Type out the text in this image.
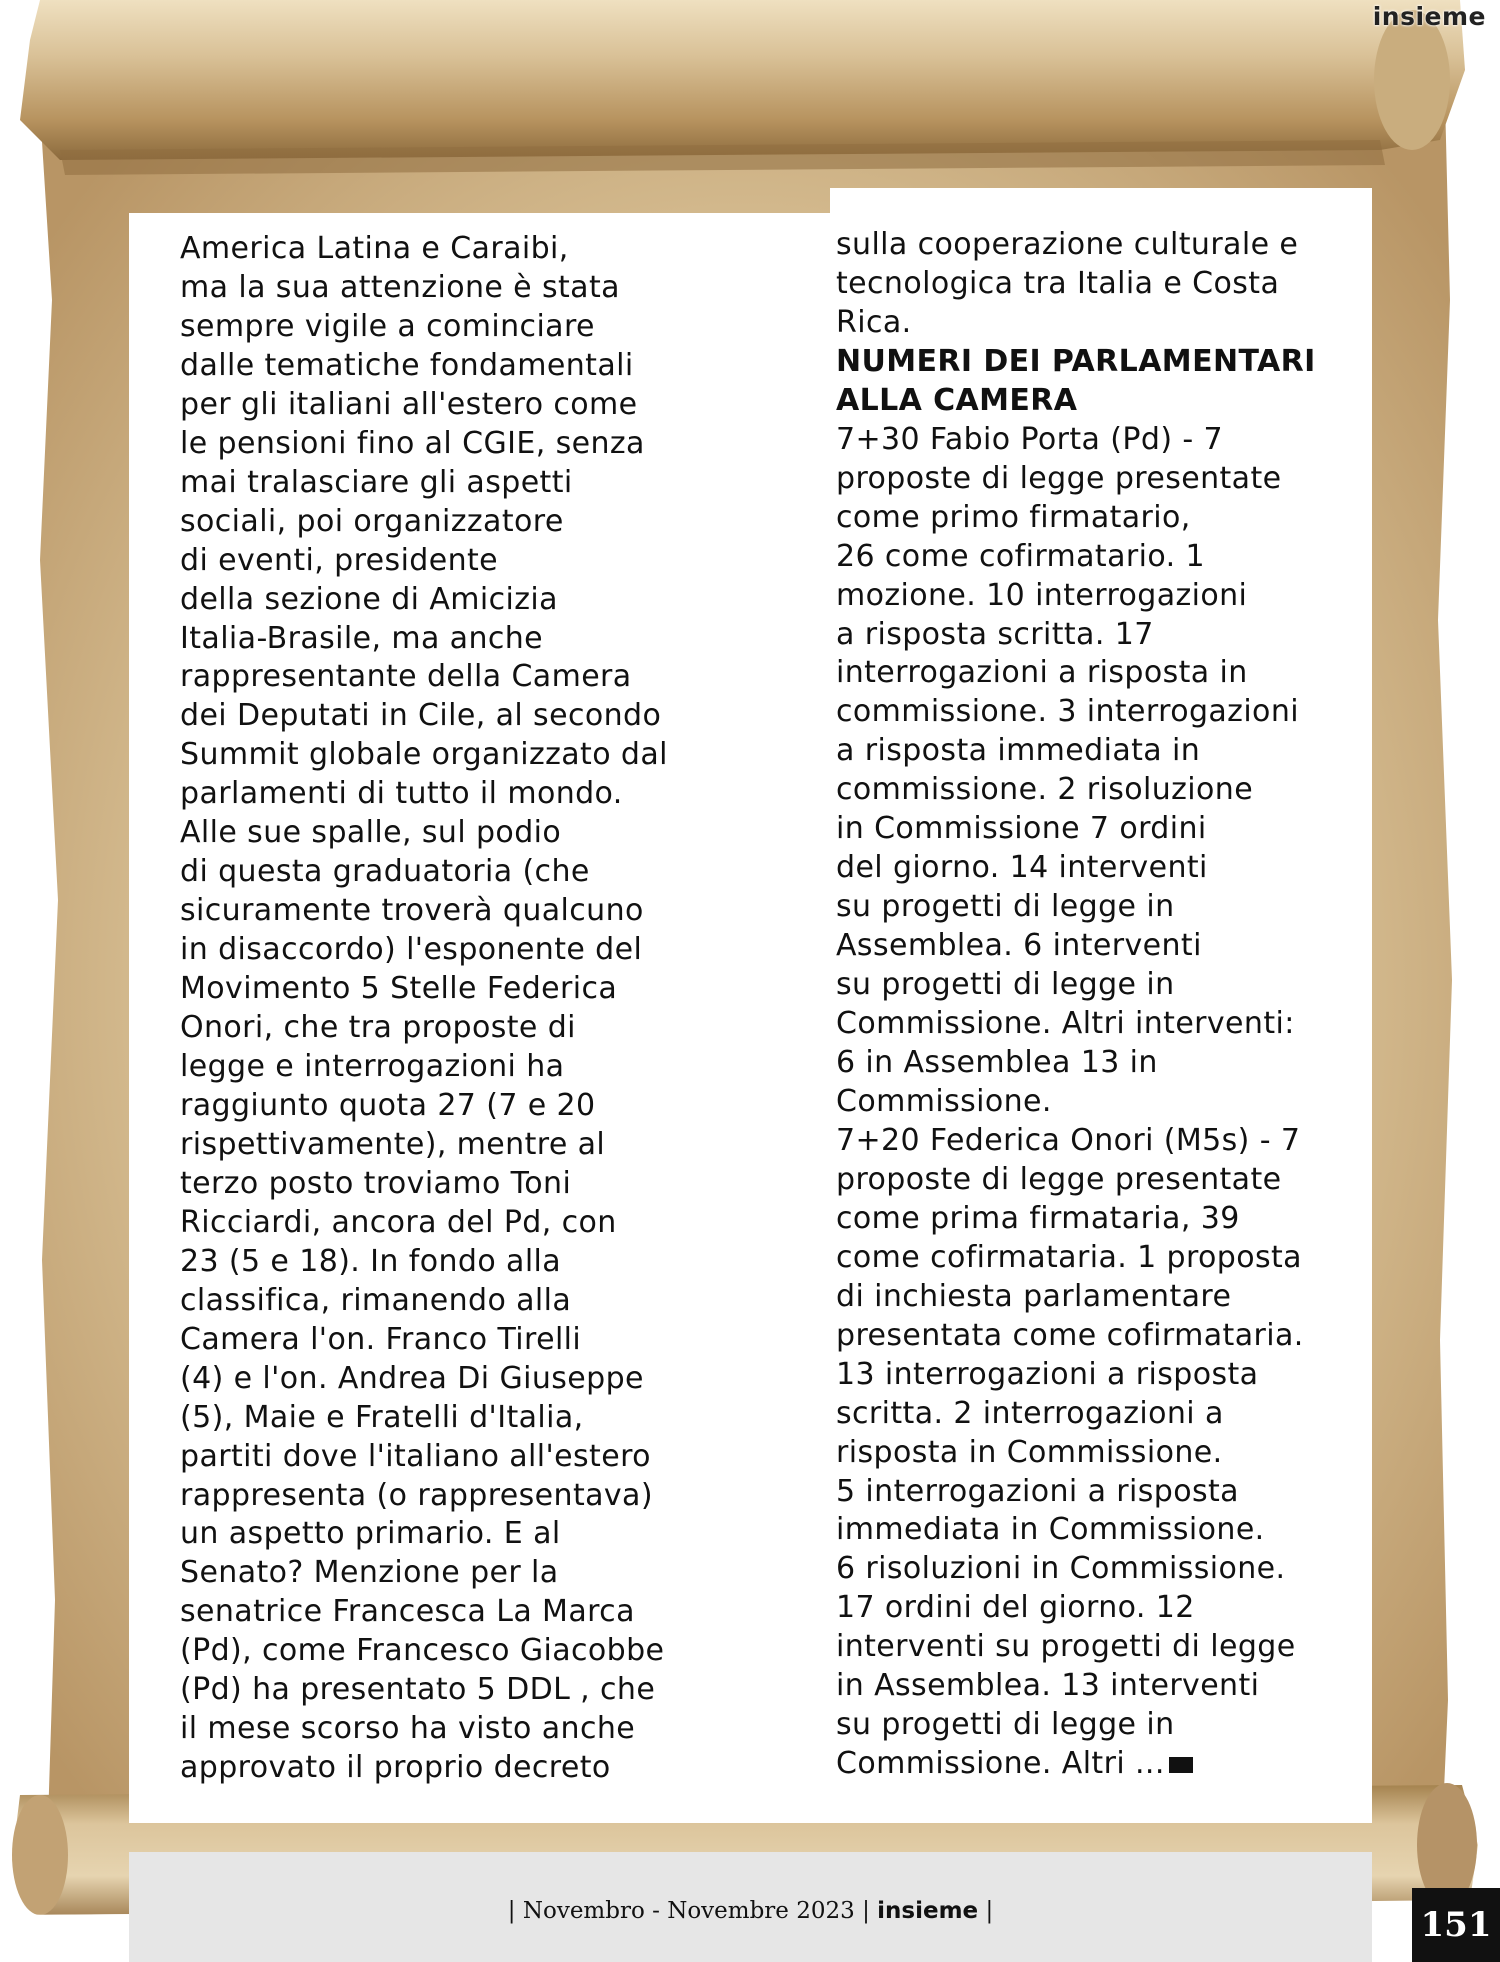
insieme
America Latina e Caraibi,
ma la sua attenzione è stata
sempre vigile a cominciare
dalle tematiche fondamentali
per gli italiani all'estero come
le pensioni fino al CGIE, senza
mai tralasciare gli aspetti
sociali, poi organizzatore
di eventi, presidente
della sezione di Amicizia
Italia-Brasile, ma anche
rappresentante della Camera
dei Deputati in Cile, al secondo
Summit globale organizzato dal
parlamenti di tutto il mondo.
Alle sue spalle, sul podio
di questa graduatoria (che
sicuramente troverà qualcuno
in disaccordo) l'esponente del
Movimento 5 Stelle Federica
Onori, che tra proposte di
legge e interrogazioni ha
raggiunto quota 27 (7 e 20
rispettivamente), mentre al
terzo posto troviamo Toni
Ricciardi, ancora del Pd, con
23 (5 e 18). In fondo alla
classifica, rimanendo alla
Camera l'on. Franco Tirelli
(4) e l'on. Andrea Di Giuseppe
(5), Maie e Fratelli d'Italia,
partiti dove l'italiano all'estero
rappresenta (o rappresentava)
un aspetto primario. E al
Senato? Menzione per la
senatrice Francesca La Marca
(Pd), come Francesco Giacobbe
(Pd) ha presentato 5 DDL , che
il mese scorso ha visto anche
approvato il proprio decreto
sulla cooperazione culturale e
tecnologica tra Italia e Costa
Rica.
NUMERI DEI PARLAMENTARI
ALLA CAMERA
7+30 Fabio Porta (Pd) - 7
proposte di legge presentate
come primo firmatario,
26 come cofirmatario. 1
mozione. 10 interrogazioni
a risposta scritta. 17
interrogazioni a risposta in
commissione. 3 interrogazioni
a risposta immediata in
commissione. 2 risoluzione
in Commissione 7 ordini
del giorno. 14 interventi
su progetti di legge in
Assemblea. 6 interventi
su progetti di legge in
Commissione. Altri interventi:
6 in Assemblea 13 in
Commissione.
7+20 Federica Onori (M5s) - 7
proposte di legge presentate
come prima firmataria, 39
come cofirmataria. 1 proposta
di inchiesta parlamentare
presentata come cofirmataria.
13 interrogazioni a risposta
scritta. 2 interrogazioni a
risposta in Commissione.
5 interrogazioni a risposta
immediata in Commissione.
6 risoluzioni in Commissione.
17 ordini del giorno. 12
interventi su progetti di legge
in Assemblea. 13 interventi
su progetti di legge in
Commissione. Altri ...
| Novembro - Novembre 2023 | insieme |	151
